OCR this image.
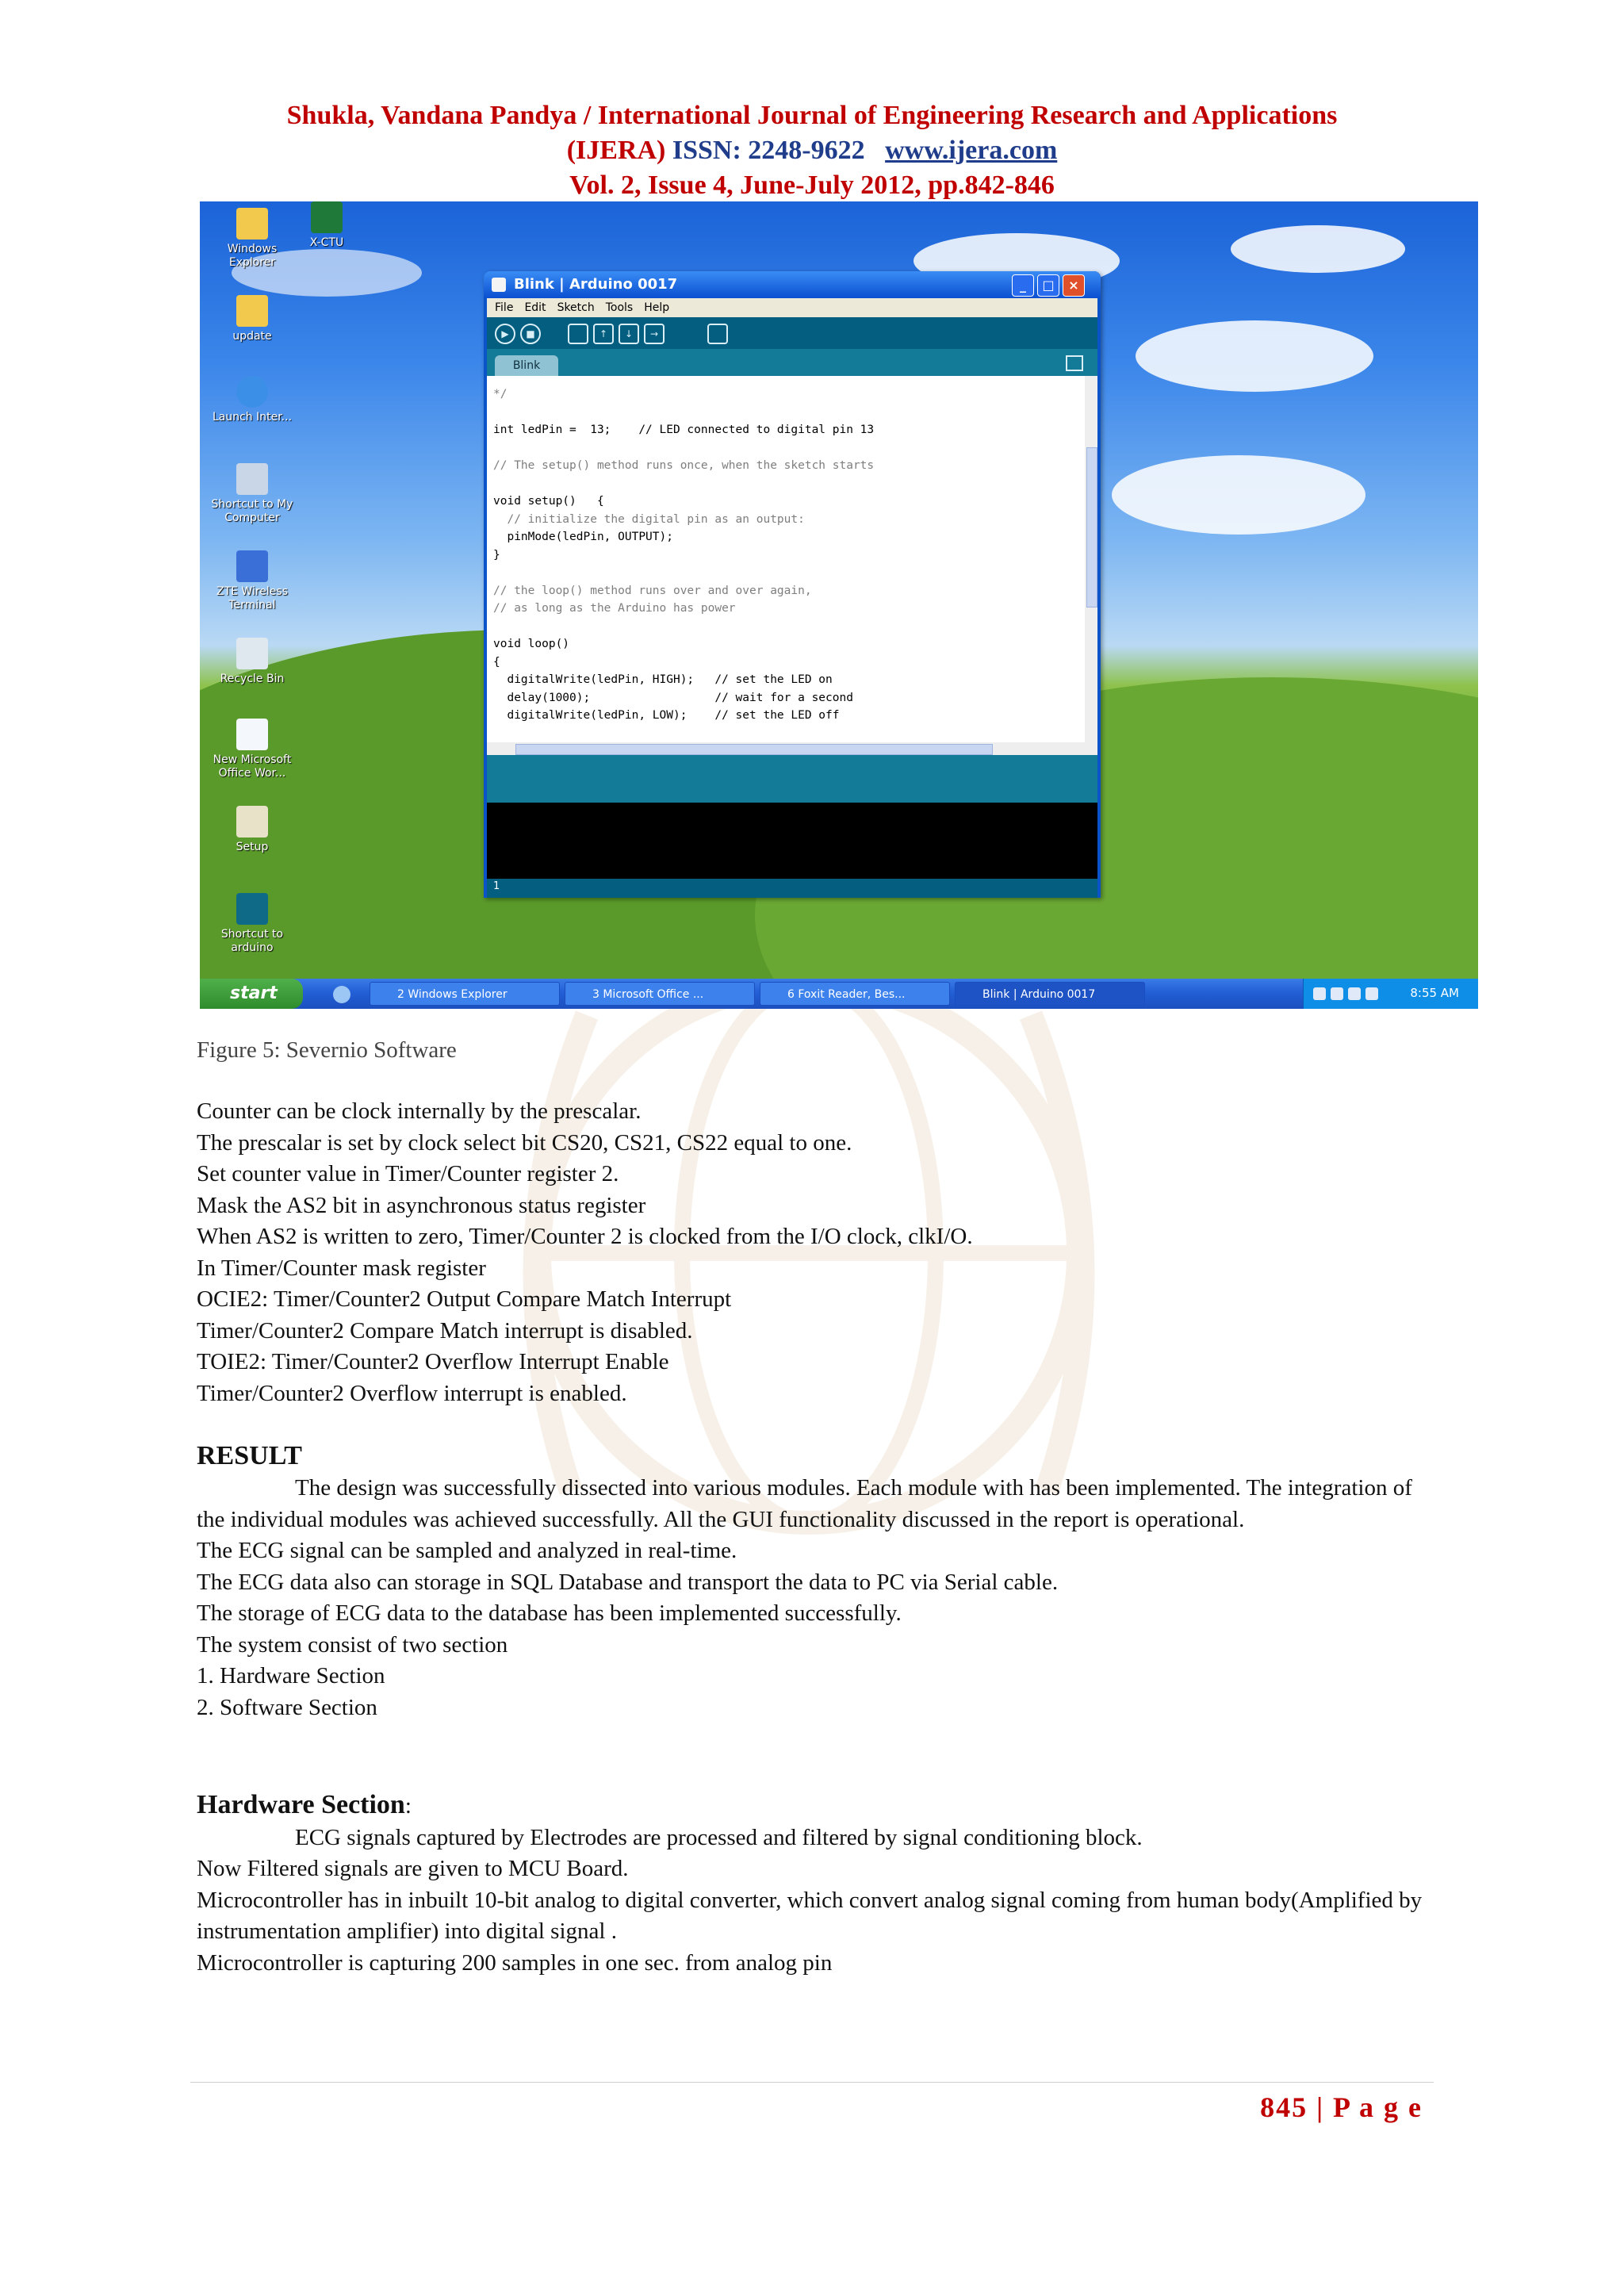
Shukla, Vandana Pandya / International Journal of Engineering Research and Applications
(IJERA) ISSN: 2248-9622 www.ijera.com
Vol. 2, Issue 4, June-July 2012, pp.842-846
Windows Explorer
X-CTU
update
Launch Inter...
Shortcut to My Computer
ZTE Wireless Terminal
Recycle Bin
New Microsoft Office Wor...
Setup
Shortcut to arduino
Blink | Arduino 0017	_	□	×
File Edit Sketch Tools Help
▶	■	↑	↓	→
Blink
*/

int ledPin =  13;    // LED connected to digital pin 13

// The setup() method runs once, when the sketch starts

void setup()   {
// initialize the digital pin as an output:
pinMode(ledPin, OUTPUT);
}

// the loop() method runs over and over again,
// as long as the Arduino has power

void loop()
{
digitalWrite(ledPin, HIGH);   // set the LED on
delay(1000);                  // wait for a second
digitalWrite(ledPin, LOW);    // set the LED off
1
start	2 Windows Explorer	3 Microsoft Office ...	6 Foxit Reader, Bes...	Blink | Arduino 0017	8:55 AM
Figure 5: Severnio Software

Counter can be clock internally by the prescalar.

The prescalar is set by clock select bit CS20, CS21, CS22 equal to one.

Set counter value in Timer/Counter register 2.

Mask the AS2 bit in asynchronous status register

When AS2 is written to zero, Timer/Counter 2 is clocked from the I/O clock, clkI/O.

In Timer/Counter mask register

OCIE2: Timer/Counter2 Output Compare Match Interrupt

Timer/Counter2 Compare Match interrupt is disabled.

TOIE2: Timer/Counter2 Overflow Interrupt Enable

Timer/Counter2 Overflow interrupt is enabled.

RESULT

The design was successfully dissected into various modules. Each module with has been implemented. The integration of the individual modules was achieved successfully. All the GUI functionality discussed in the report is operational.

The ECG signal can be sampled and analyzed in real-time.

The ECG data also can storage in SQL Database and transport the data to PC via Serial cable.

The storage of ECG data to the database has been implemented successfully.

The system consist of two section

1. Hardware Section

2. Software Section

Hardware Section:

ECG signals captured by Electrodes are processed and filtered by signal conditioning block.

Now Filtered signals are given to MCU Board.

Microcontroller has in inbuilt 10-bit analog to digital converter, which convert analog signal coming from human body(Amplified by instrumentation amplifier) into digital signal .

Microcontroller is capturing 200 samples in one sec. from analog pin

845 | P a g e
